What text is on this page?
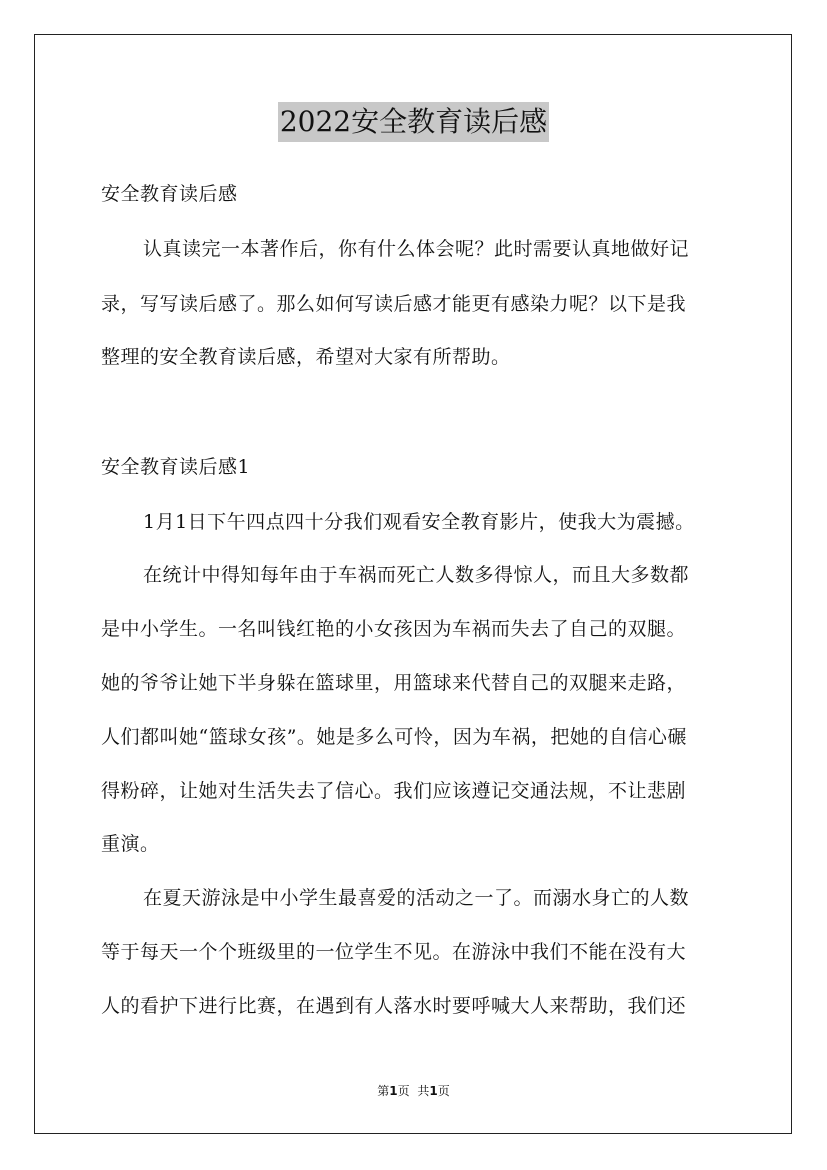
2022安全教育读后感
安全教育读后感
认真读完一本著作后，你有什么体会呢？此时需要认真地做好记
录，写写读后感了。那么如何写读后感才能更有感染力呢？以下是我
整理的安全教育读后感，希望对大家有所帮助。
安全教育读后感1
1月1日下午四点四十分我们观看安全教育影片，使我大为震撼。
在统计中得知每年由于车祸而死亡人数多得惊人，而且大多数都
是中小学生。一名叫钱红艳的小女孩因为车祸而失去了自己的双腿。
她的爷爷让她下半身躲在篮球里，用篮球来代替自己的双腿来走路，
人们都叫她“篮球女孩”。她是多么可怜，因为车祸，把她的自信心碾
得粉碎，让她对生活失去了信心。我们应该遵记交通法规，不让悲剧
重演。
在夏天游泳是中小学生最喜爱的活动之一了。而溺水身亡的人数
等于每天一个个班级里的一位学生不见。在游泳中我们不能在没有大
人的看护下进行比赛，在遇到有人落水时要呼喊大人来帮助，我们还
第1页 共1页
